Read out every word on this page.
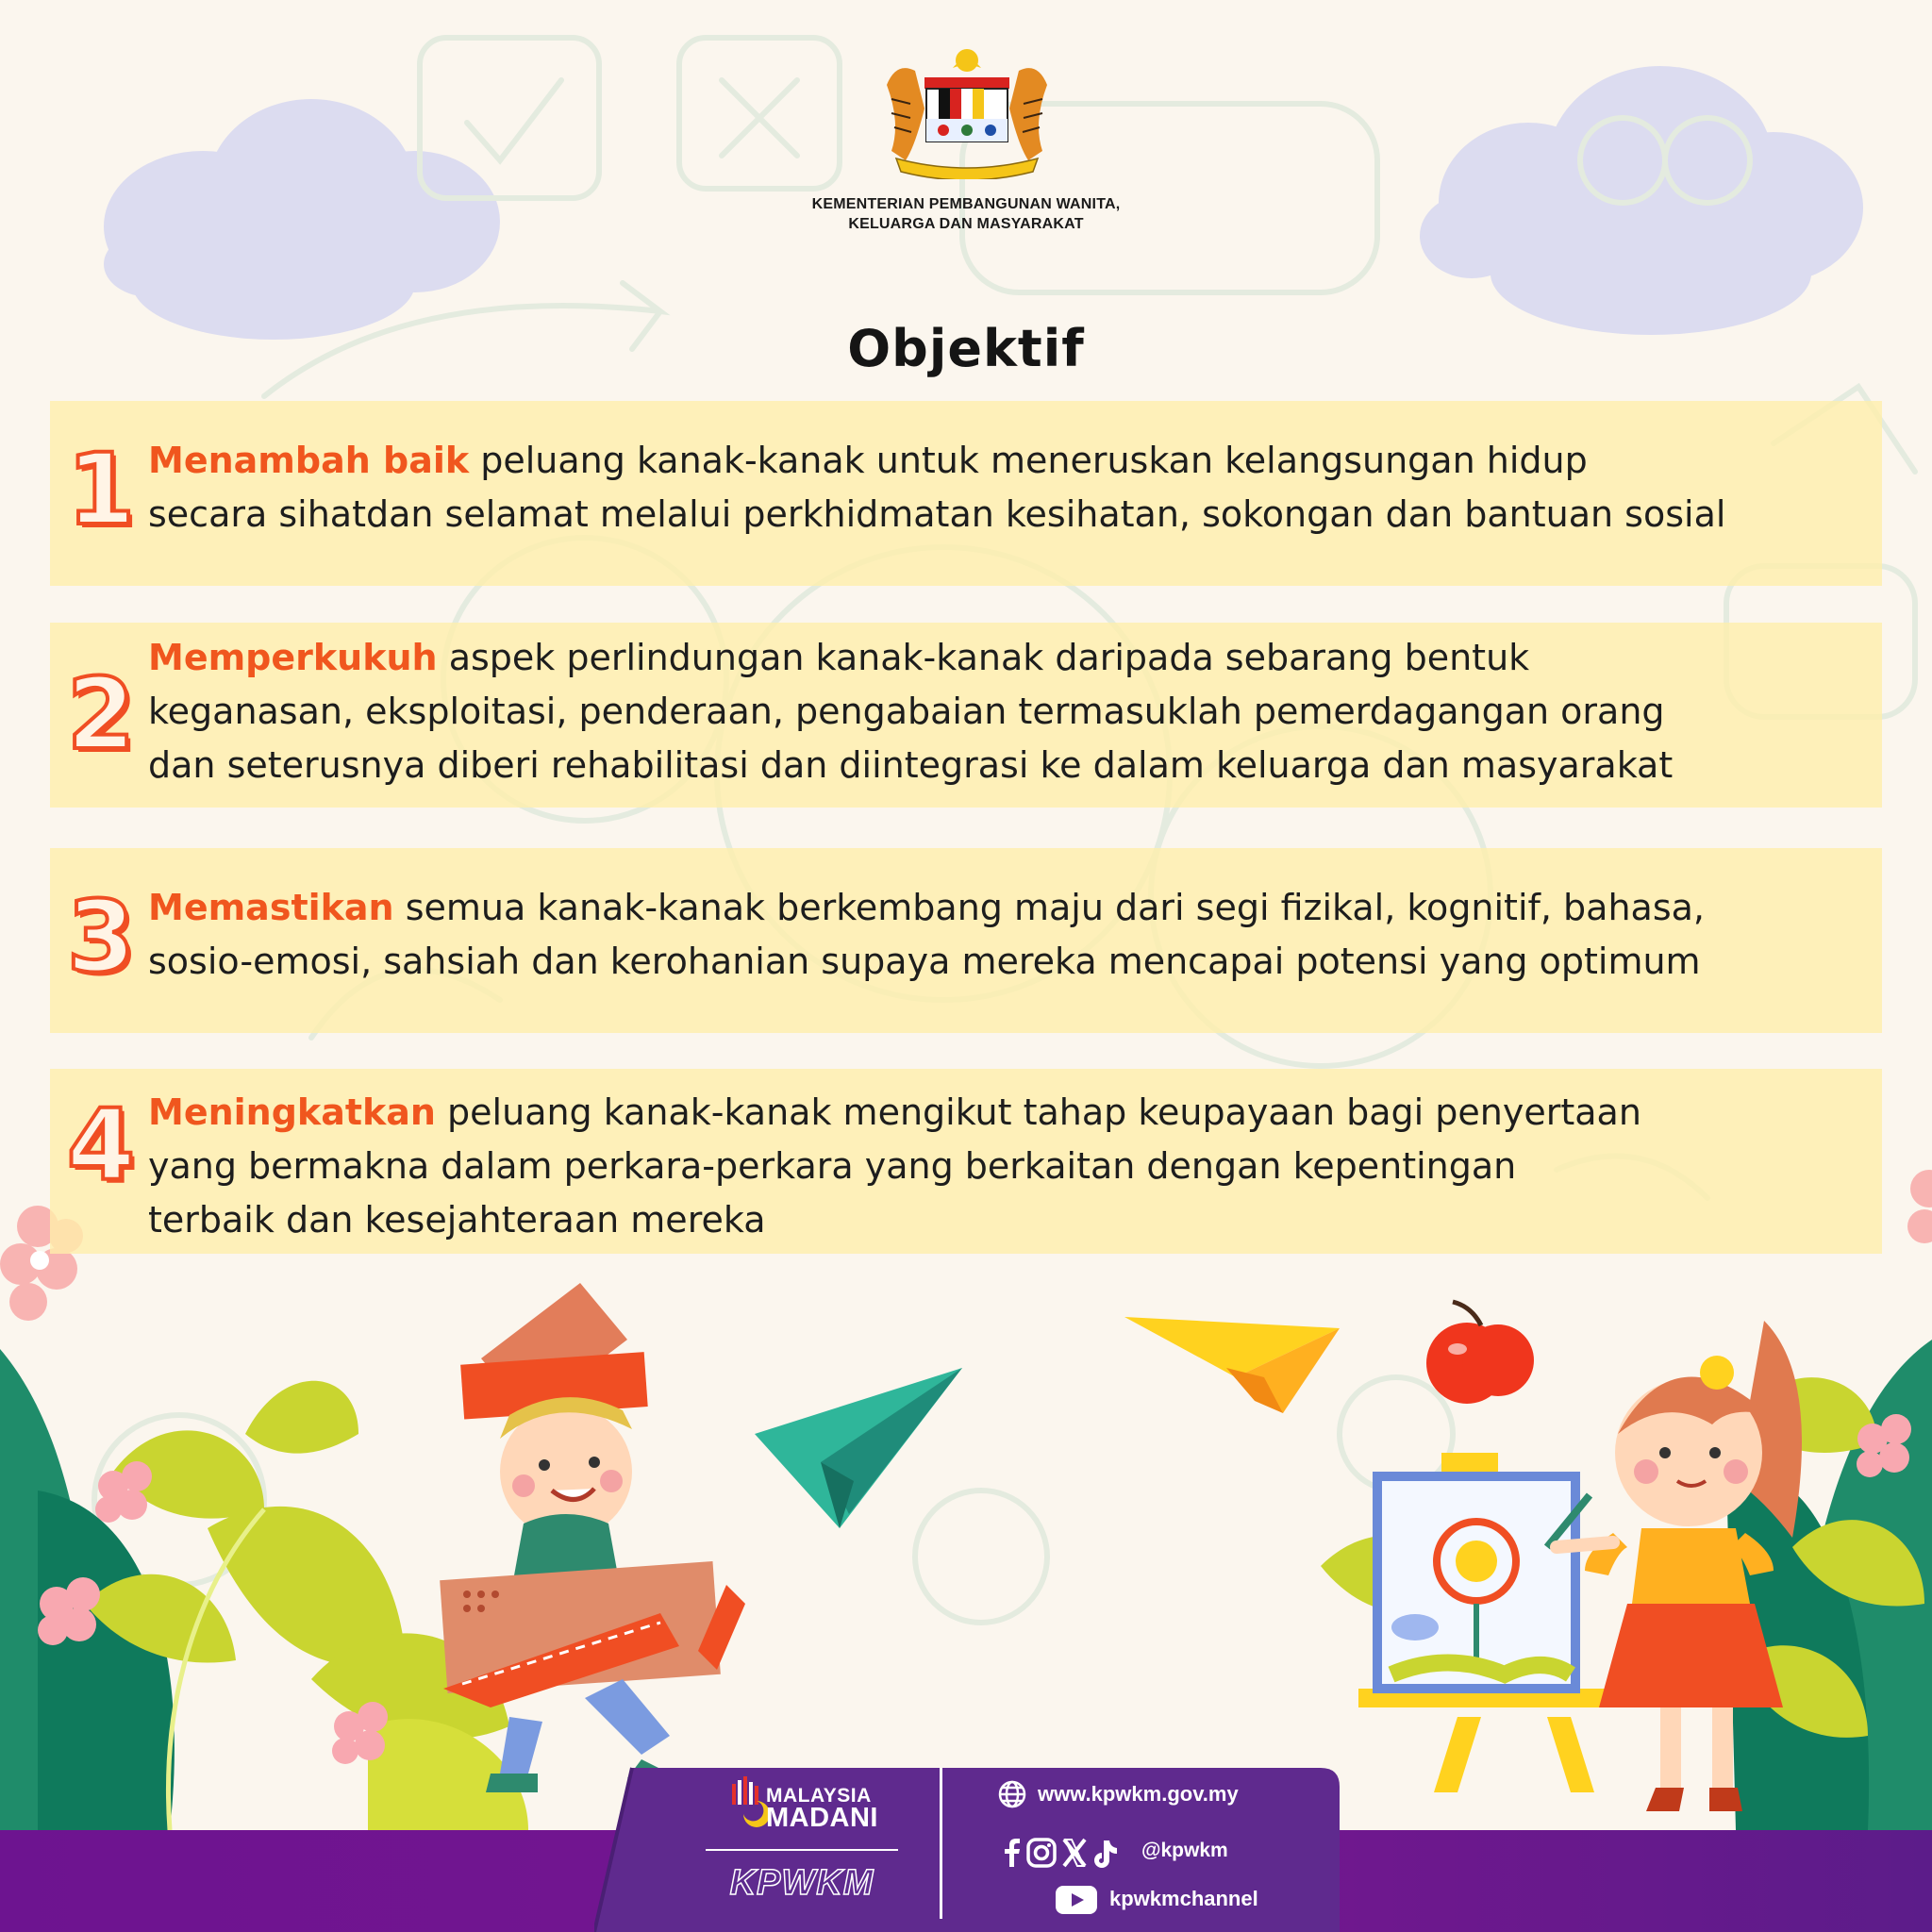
KEMENTERIAN PEMBANGUNAN WANITA,
KELUARGA DAN MASYARAKAT
Objektif
1 Menambah baik peluang kanak-kanak untuk meneruskan kelangsungan hidup
secara sihatdan selamat melalui perkhidmatan kesihatan, sokongan dan bantuan sosial
2 Memperkukuh aspek perlindungan kanak-kanak daripada sebarang bentuk
keganasan, eksploitasi, penderaan, pengabaian termasuklah pemerdagangan orang
dan seterusnya diberi rehabilitasi dan diintegrasi ke dalam keluarga dan masyarakat
3 Memastikan semua kanak-kanak berkembang maju dari segi fizikal, kognitif, bahasa,
sosio-emosi, sahsiah dan kerohanian supaya mereka mencapai potensi yang optimum
4 Meningkatkan peluang kanak-kanak mengikut tahap keupayaan bagi penyertaan
yang bermakna dalam perkara-perkara yang berkaitan dengan kepentingan
terbaik dan kesejahteraan mereka
MALAYSIA
MADANI
KPWKM
www.kpwkm.gov.my
@kpwkm
kpwkmchannel
